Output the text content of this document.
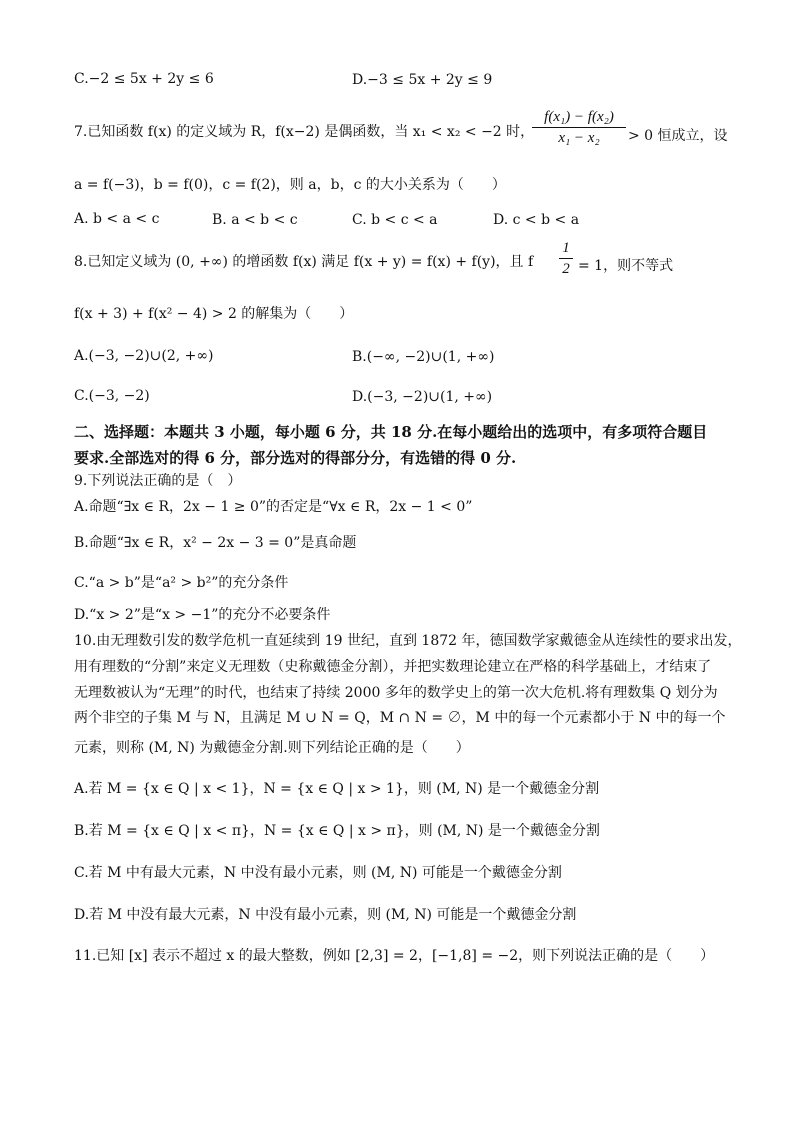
C.−2 ≤ 5x + 2y ≤ 6	D.−3 ≤ 5x + 2y ≤ 9
7.已知函数 f(x) 的定义域为 R，f(x−2) 是偶函数，当 x₁ < x₂ < −2 时，
f(x₁) − f(x₂)
x₁ − x₂	> 0 恒成立，设
a = f(−3)，b = f(0)，c = f(2)，则 a，b，c 的大小关系为（　　）
A. b < a < c	B. a < b < c	C. b < c < a	D. c < b < a
8.已知定义域为 (0, +∞) 的增函数 f(x) 满足 f(x + y) = f(x) + f(y)，且 f
1
2 = 1，则不等式
f(x + 3) + f(x² − 4) > 2 的解集为（　　）
A.(−3, −2)∪(2, +∞)	B.(−∞, −2)∪(1, +∞)
C.(−3, −2)	D.(−3, −2)∪(1, +∞)
二、选择题：本题共 3 小题，每小题 6 分，共 18 分.在每小题给出的选项中，有多项符合题目
要求.全部选对的得 6 分，部分选对的得部分分，有选错的得 0 分.
9.下列说法正确的是（　）
A.命题“∃x ∈ R，2x − 1 ≥ 0”的否定是“∀x ∈ R，2x − 1 < 0”
B.命题“∃x ∈ R，x² − 2x − 3 = 0”是真命题
C.“a > b”是“a² > b²”的充分条件
D.“x > 2”是“x > −1”的充分不必要条件
10.由无理数引发的数学危机一直延续到 19 世纪，直到 1872 年，德国数学家戴德金从连续性的要求出发，
用有理数的“分割”来定义无理数（史称戴德金分割），并把实数理论建立在严格的科学基础上，才结束了
无理数被认为“无理”的时代，也结束了持续 2000 多年的数学史上的第一次大危机.将有理数集 Q 划分为
两个非空的子集 M 与 N，且满足 M ∪ N = Q，M ∩ N = ∅，M 中的每一个元素都小于 N 中的每一个
元素，则称 (M, N) 为戴德金分割.则下列结论正确的是（　　）
A.若 M = {x ∈ Q | x < 1}，N = {x ∈ Q | x > 1}，则 (M, N) 是一个戴德金分割
B.若 M = {x ∈ Q | x < π}，N = {x ∈ Q | x > π}，则 (M, N) 是一个戴德金分割
C.若 M 中有最大元素，N 中没有最小元素，则 (M, N) 可能是一个戴德金分割
D.若 M 中没有最大元素，N 中没有最小元素，则 (M, N) 可能是一个戴德金分割
11.已知 [x] 表示不超过 x 的最大整数，例如 [2,3] = 2，[−1,8] = −2，则下列说法正确的是（　　）
